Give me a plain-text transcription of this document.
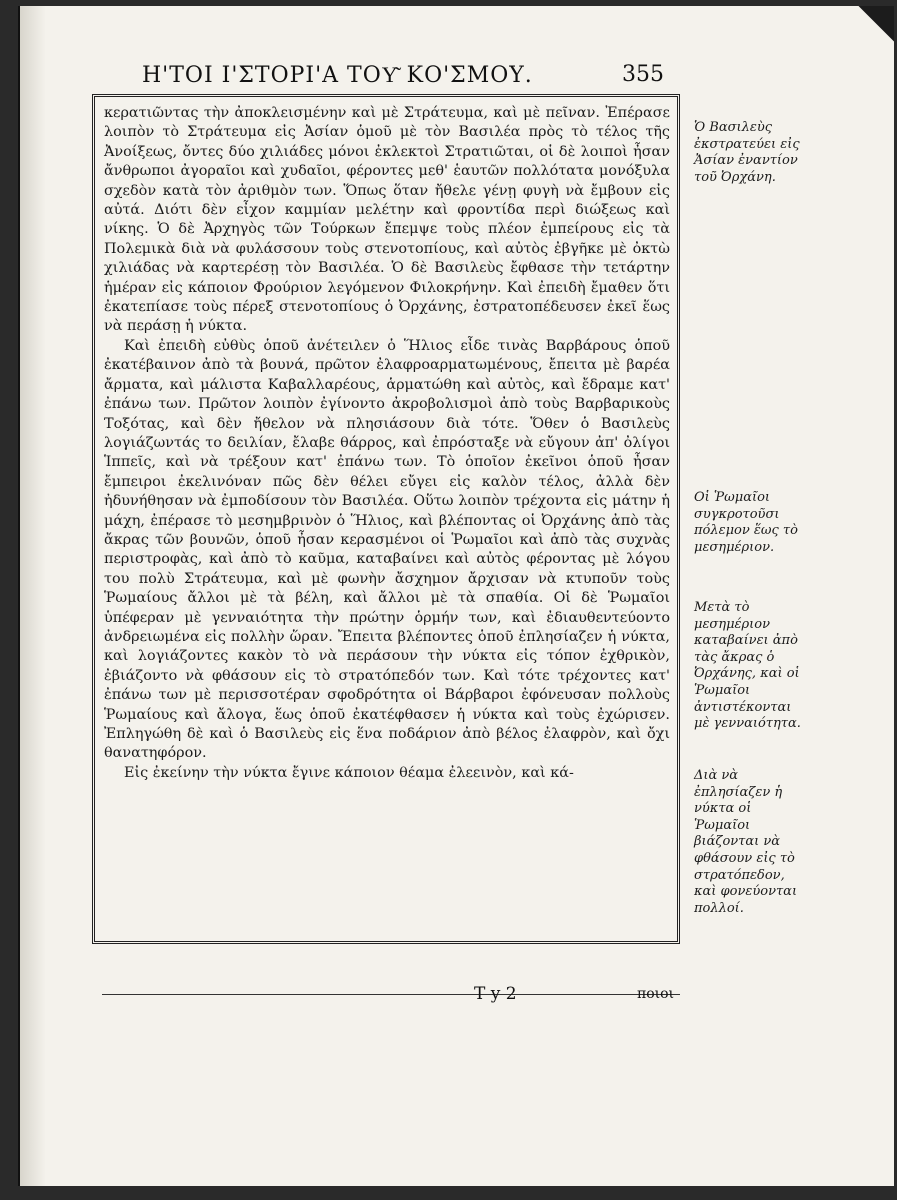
Η'ΤΟΙ Ι'ΣΤΟΡΙ'Α ΤΟΥ͂ ΚΟ'ΣΜΟΥ.	355

κερατιῶντας τὴν ἀποκλεισμένην καὶ μὲ Στράτευμα, καὶ μὲ πεῖναν. Ἐπέρασε λοιπὸν τὸ Στράτευμα εἰς Ἀσίαν ὁμοῦ μὲ τὸν Βασιλέα πρὸς τὸ τέλος τῆς Ἀνοίξεως, ὄντες δύο χιλιάδες μόνοι ἐκλεκτοὶ Στρατιῶται, οἱ δὲ λοιποὶ ἦσαν ἄνθρωποι ἀγοραῖοι καὶ χυδαῖοι, φέροντες μεθ' ἑαυτῶν πολλότατα μονόξυλα σχεδὸν κατὰ τὸν ἀριθμὸν των. Ὅπως ὅταν ἤθελε γένῃ φυγὴ νὰ ἔμβουν εἰς αὐτά. Διότι δὲν εἶχον καμμίαν μελέτην καὶ φροντίδα περὶ διώξεως καὶ νίκης. Ὁ δὲ Ἀρχηγὸς τῶν Τούρκων ἔπεμψε τοὺς πλέον ἐμπείρους εἰς τὰ Πολεμικὰ διὰ νὰ φυλάσσουν τοὺς στενοτοπίους, καὶ αὐτὸς ἐβγῆκε μὲ ὀκτὼ χιλιάδας νὰ καρτερέσῃ τὸν Βασιλέα. Ὁ δὲ Βασιλεὺς ἔφθασε τὴν τετάρτην ἡμέραν εἰς κάποιον Φρούριον λεγόμενον Φιλοκρήνην. Καὶ ἐπειδὴ ἔμαθεν ὅτι ἐκατεπίασε τοὺς πέρεξ στενοτοπίους ὁ Ὀρχάνης, ἐστρατοπέδευσεν ἐκεῖ ἕως νὰ περάσῃ ἡ νύκτα.

Καὶ ἐπειδὴ εὐθὺς ὁποῦ ἀνέτειλεν ὁ Ἥλιος εἶδε τινὰς Βαρβάρους ὁποῦ ἐκατέβαινον ἀπὸ τὰ βουνά, πρῶτον ἐλαφροαρματωμένους, ἔπειτα μὲ βαρέα ἄρματα, καὶ μάλιστα Καβαλλαρέους, ἁρματώθη καὶ αὐτὸς, καὶ ἔδραμε κατ' ἐπάνω των. Πρῶτον λοιπὸν ἐγίνοντο ἀκροβολισμοὶ ἀπὸ τοὺς Βαρβαρικοὺς Τοξότας, καὶ δὲν ἤθελον νὰ πλησιάσουν διὰ τότε. Ὅθεν ὁ Βασιλεὺς λογιάζωντάς το δειλίαν, ἔλαβε θάρρος, καὶ ἐπρόσταξε νὰ εὔγουν ἀπ' ὀλίγοι Ἱππεῖς, καὶ νὰ τρέξουν κατ' ἐπάνω των. Τὸ ὁποῖον ἐκεῖνοι ὁποῦ ἦσαν ἔμπειροι ἐκελινόναν πῶς δὲν θέλει εὔγει εἰς καλὸν τέλος, ἀλλὰ δὲν ἠδυνήθησαν νὰ ἐμποδίσουν τὸν Βασιλέα. Οὕτω λοιπὸν τρέχοντα εἰς μάτην ἡ μάχη, ἐπέρασε τὸ μεσημβρινὸν ὁ Ἥλιος, καὶ βλέποντας οἱ Ὀρχάνης ἀπὸ τὰς ἄκρας τῶν βουνῶν, ὁποῦ ἦσαν κερασμένοι οἱ Ῥωμαῖοι καὶ ἀπὸ τὰς συχνὰς περιστροφὰς, καὶ ἀπὸ τὸ καῦμα, καταβαίνει καὶ αὐτὸς φέροντας μὲ λόγου του πολὺ Στράτευμα, καὶ μὲ φωνὴν ἄσχημον ἄρχισαν νὰ κτυποῦν τοὺς Ῥωμαίους ἄλλοι μὲ τὰ βέλη, καὶ ἄλλοι μὲ τὰ σπαθία. Οἱ δὲ Ῥωμαῖοι ὑπέφεραν μὲ γενναιότητα τὴν πρώτην ὁρμήν των, καὶ ἐδιαυθεντεύοντο ἀνδρειωμένα εἰς πολλὴν ὥραν. Ἔπειτα βλέποντες ὁποῦ ἐπλησίαζεν ἡ νύκτα, καὶ λογιάζοντες κακὸν τὸ νὰ περάσουν τὴν νύκτα εἰς τόπον ἐχθρικὸν, ἐβιάζοντο νὰ φθάσουν εἰς τὸ στρατόπεδόν των. Καὶ τότε τρέχοντες κατ' ἐπάνω των μὲ περισσοτέραν σφοδρότητα οἱ Βάρβαροι ἐφόνευσαν πολλοὺς Ῥωμαίους καὶ ἄλογα, ἕως ὁποῦ ἐκατέφθασεν ἡ νύκτα καὶ τοὺς ἐχώρισεν. Ἐπληγώθη δὲ καὶ ὁ Βασιλεὺς εἰς ἕνα ποδάριον ἀπὸ βέλος ἐλαφρὸν, καὶ ὄχι θανατηφόρον.

Εἰς ἐκείνην τὴν νύκτα ἔγινε κάποιον θέαμα ἐλεεινὸν, καὶ κά-

Ὁ Βασιλεὺς ἐκστρατεύει εἰς Ἀσίαν ἐναντίον τοῦ Ὀρχάνη.
Οἱ Ῥωμαῖοι συγκροτοῦσι πόλεμον ἕως τὸ μεσημέριον.
Μετὰ τὸ μεσημέριον καταβαίνει ἀπὸ τὰς ἄκρας ὁ Ὀρχάνης, καὶ οἱ Ῥωμαῖοι ἀντιστέκονται μὲ γενναιότητα.
Διὰ νὰ ἐπλησίαζεν ἡ νύκτα οἱ Ῥωμαῖοι βιάζονται νὰ φθάσουν εἰς τὸ στρατόπεδον, καὶ φονεύονται πολλοί.
Τ y 2	ποιοι
